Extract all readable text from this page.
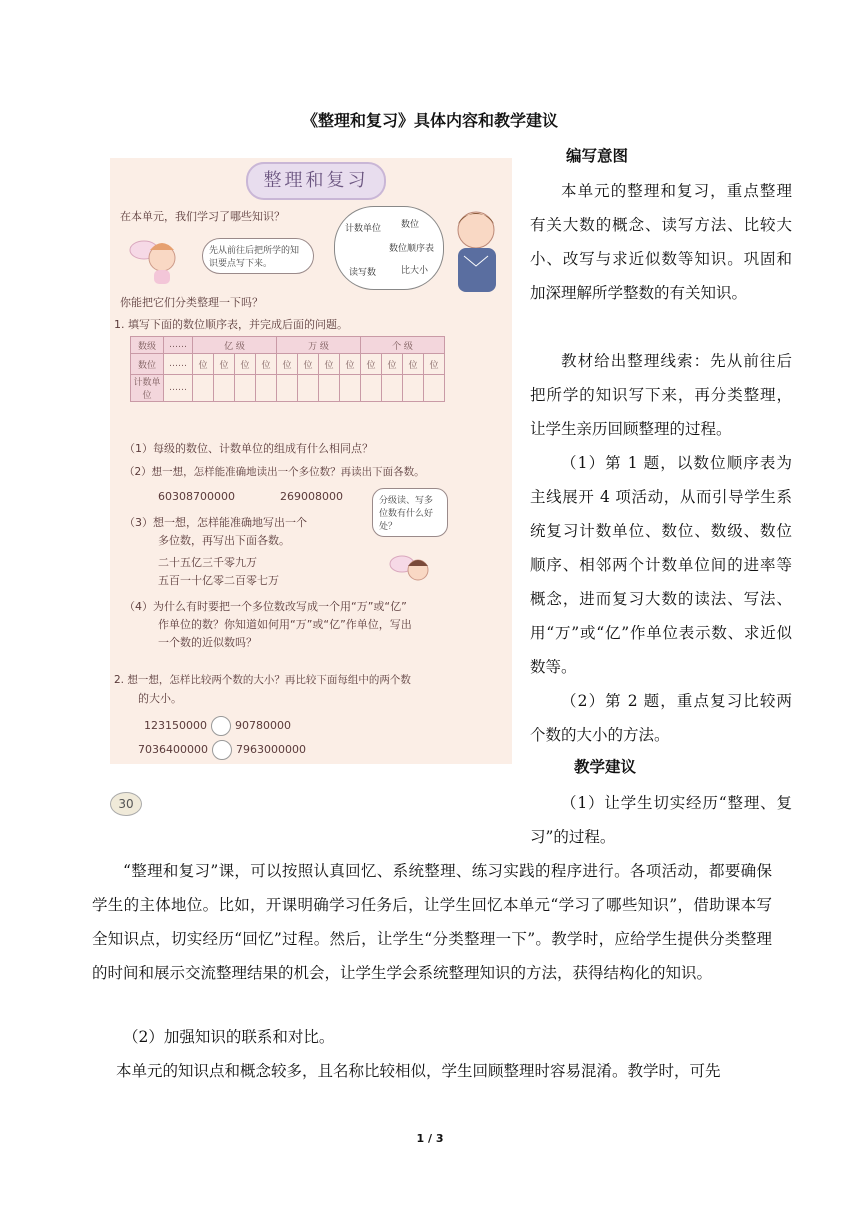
《整理和复习》具体内容和教学建议
整理和复习
在本单元，我们学习了哪些知识？
先从前往后把所学的知识要点写下来。
计数单位 数位
数位顺序表
读写数	比大小
你能把它们分类整理一下吗？
1. 填写下面的数位顺序表，并完成后面的问题。
数级	……	亿 级				万 级				个 级			
数位	……	位	位	位	位	位	位	位	位	位	位	位	位
计数单位	……												
（1）每级的数位、计数单位的组成有什么相同点？
（2）想一想，怎样能准确地读出一个多位数？再读出下面各数。
60308700000	269008000
（3）想一想，怎样能准确地写出一个
多位数，再写出下面各数。
二十五亿三千零九万
五百一十亿零二百零七万
分级读、写多位数有什么好处？
（4）为什么有时要把一个多位数改写成一个用“万”或“亿”
作单位的数？你知道如何用“万”或“亿”作单位，写出
一个数的近似数吗？
2. 想一想，怎样比较两个数的大小？再比较下面每组中的两个数
的大小。
123150000	90780000
7036400000	7963000000
30
编写意图
本单元的整理和复习，重点整理有关大数的概念、读写方法、比较大小、改写与求近似数等知识。巩固和加深理解所学整数的有关知识。
教材给出整理线索：先从前往后把所学的知识写下来，再分类整理，让学生亲历回顾整理的过程。
（1）第 1 题，以数位顺序表为主线展开 4 项活动，从而引导学生系统复习计数单位、数位、数级、数位顺序、相邻两个计数单位间的进率等概念，进而复习大数的读法、写法、用“万”或“亿”作单位表示数、求近似数等。
（2）第 2 题，重点复习比较两个数的大小的方法。
教学建议
（1）让学生切实经历“整理、复习”的过程。
“整理和复习”课，可以按照认真回忆、系统整理、练习实践的程序进行。各项活动，都要确保学生的主体地位。比如，开课明确学习任务后，让学生回忆本单元“学习了哪些知识”，借助课本写全知识点，切实经历“回忆”过程。然后，让学生“分类整理一下”。教学时，应给学生提供分类整理的时间和展示交流整理结果的机会，让学生学会系统整理知识的方法，获得结构化的知识。
（2）加强知识的联系和对比。
本单元的知识点和概念较多，且名称比较相似，学生回顾整理时容易混淆。教学时，可先
1 / 3
